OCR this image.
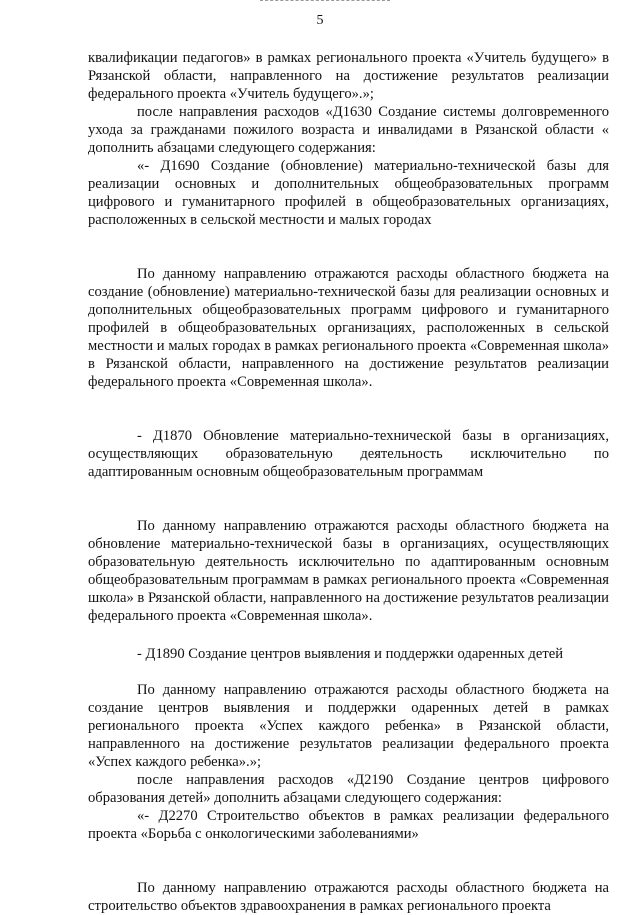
5

квалификации педагогов» в рамках регионального проекта «Учитель будущего» в Рязанской области, направленного на достижение результатов реализации федерального проекта «Учитель будущего».»;

после направления расходов «Д1630 Создание системы долговременного ухода за гражданами пожилого возраста и инвалидами в Рязанской области « дополнить абзацами следующего содержания:

«- Д1690 Создание (обновление) материально-технической базы для реализации основных и дополнительных общеобразовательных программ цифрового и гуманитарного профилей в общеобразовательных организациях, расположенных в сельской местности и малых городах

По данному направлению отражаются расходы областного бюджета на создание (обновление) материально-технической базы для реализации основных и дополнительных общеобразовательных программ цифрового и гуманитарного профилей в общеобразовательных организациях, расположенных в сельской местности и малых городах в рамках регионального проекта «Современная школа» в Рязанской области, направленного на достижение результатов реализации федерального проекта «Современная школа».

- Д1870 Обновление материально-технической базы в организациях, осуществляющих образовательную деятельность исключительно по адаптированным основным общеобразовательным программам

По данному направлению отражаются расходы областного бюджета на обновление материально-технической базы в организациях, осуществляющих образовательную деятельность исключительно по адаптированным основным общеобразовательным программам в рамках регионального проекта «Современная школа» в Рязанской области, направленного на достижение результатов реализации федерального проекта «Современная школа».

- Д1890 Создание центров выявления и поддержки одаренных детей

По данному направлению отражаются расходы областного бюджета на создание центров выявления и поддержки одаренных детей в рамках регионального проекта «Успех каждого ребенка» в Рязанской области, направленного на достижение результатов реализации федерального проекта «Успех каждого ребенка».»;

после направления расходов «Д2190 Создание центров цифрового образования детей» дополнить абзацами следующего содержания:

«- Д2270 Строительство объектов в рамках реализации федерального проекта «Борьба с онкологическими заболеваниями»

По данному направлению отражаются расходы областного бюджета на строительство объектов здравоохранения в рамках регионального проекта
